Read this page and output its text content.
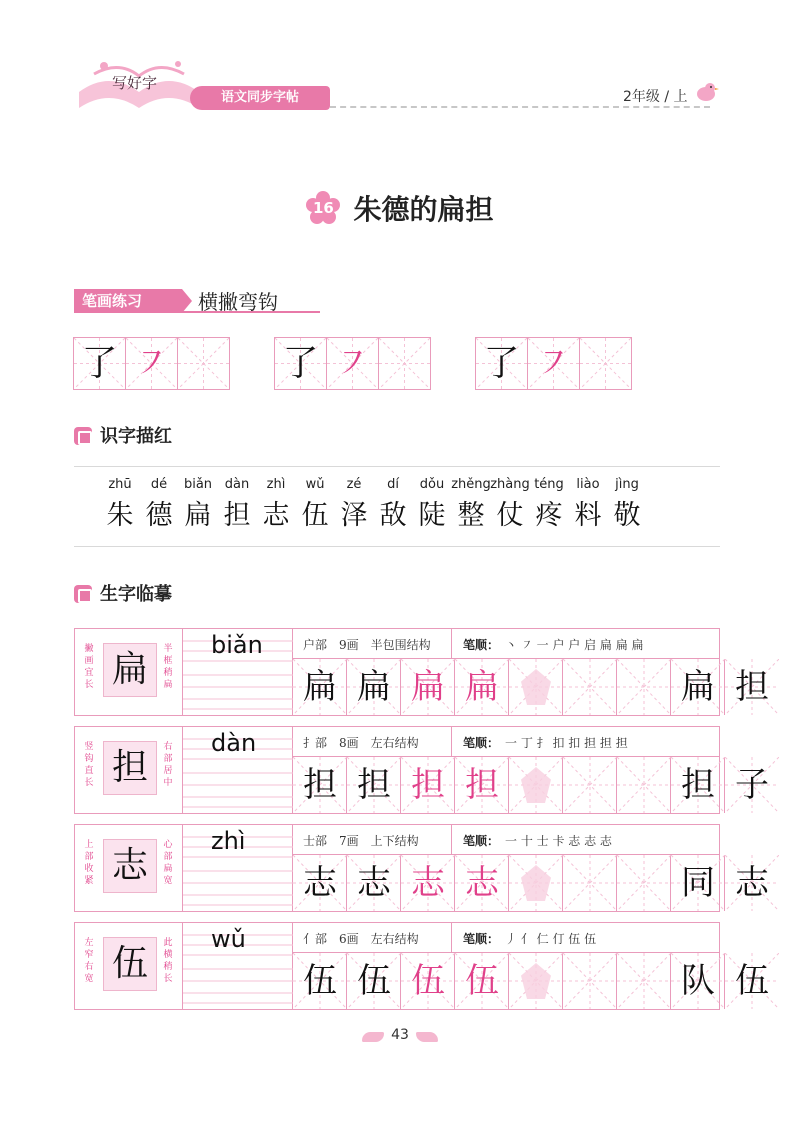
写好字
语文同步字帖	2年级 / 上
16 朱德的扁担
笔画练习	横撇弯钩
了 ㇇	了 ㇇	了 ㇇
识字描红
zhū
朱
dé
德
biǎn
扁
dàn
担
zhì
志
wǔ
伍
zé
泽
dí
敌
dǒu
陡
zhěng
整
zhàng
仗
téng
疼
liào
料
jìng
敬
生字临摹
撇画宜长 扁	半框稍扁
biǎn	户部　9画　半包围结构	笔顺： 丶 ㇇ 一 户 户 启 扁 扁 扁
扁 扁 扁 扁	扁 担
竖钩直长 担	右部居中
dàn	扌部　8画　左右结构	笔顺： 一 丁 扌 扣 扣 担 担 担
担 担 担 担	担 子
上部收紧 志	心部扁宽
zhì	士部　7画　上下结构	笔顺： 一 十 士 卡 志 志 志
志 志 志 志	同 志
左窄右宽 伍	此横稍长
wǔ	亻部　6画　左右结构	笔顺： 丿 亻 仁 仃 伍 伍
伍 伍 伍 伍	队 伍
43
